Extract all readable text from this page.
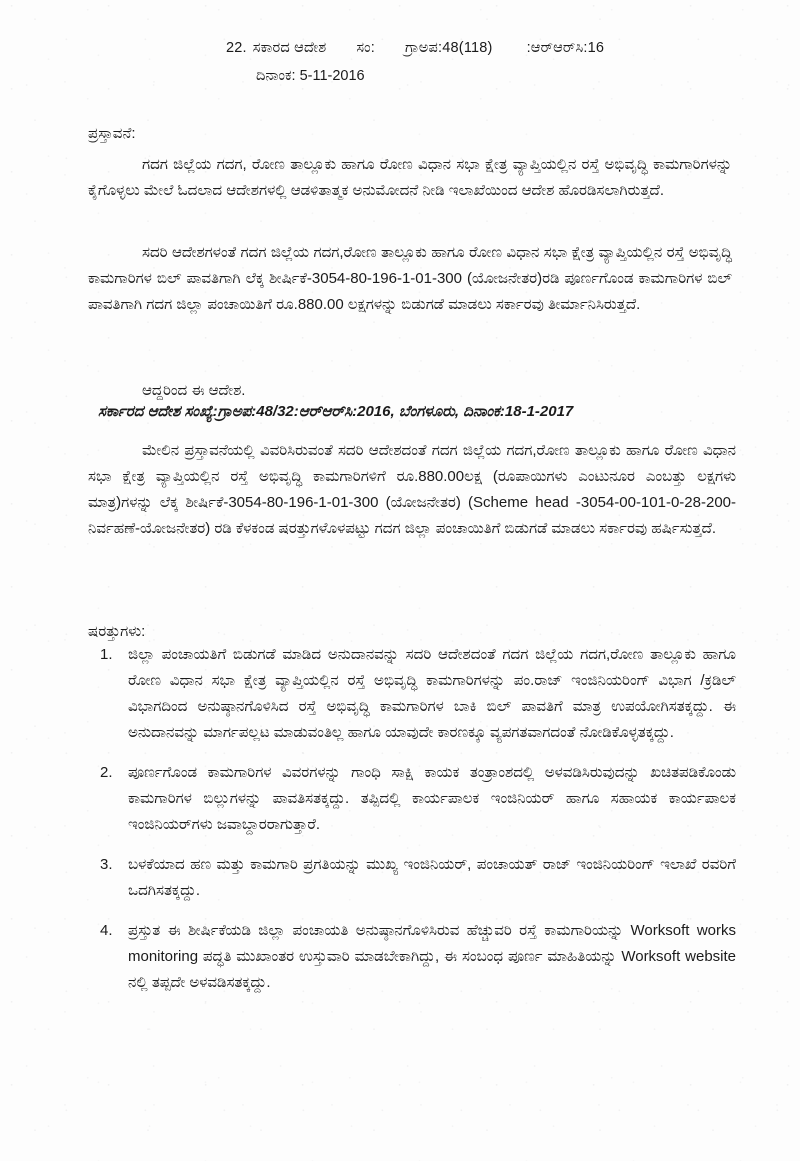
22. ಸಕಾರದ ಆದೇಶ ಸಂ: ಗ್ರಾಅಪ:48(118) :ಆರ್‌ಆರ್‌ಸಿ:16
ದಿನಾಂಕ: 5-11-2016
ಪ್ರಸ್ತಾವನೆ:
ಗದಗ ಜಿಲ್ಲೆಯ ಗದಗ, ರೋಣ ತಾಲ್ಲೂಕು ಹಾಗೂ ರೋಣ ವಿಧಾನ ಸಭಾ ಕ್ಷೇತ್ರ ವ್ಯಾಪ್ತಿಯಲ್ಲಿನ ರಸ್ತೆ ಅಭಿವೃದ್ಧಿ ಕಾಮಗಾರಿಗಳನ್ನು ಕೈಗೊಳ್ಳಲು ಮೇಲೆ ಓದಲಾದ ಆದೇಶಗಳಲ್ಲಿ ಆಡಳಿತಾತ್ಮಕ ಅನುಮೋದನೆ ನೀಡಿ ಇಲಾಖೆಯಿಂದ ಆದೇಶ ಹೊರಡಿಸಲಾಗಿರುತ್ತದೆ.
ಸದರಿ ಆದೇಶಗಳಂತೆ ಗದಗ ಜಿಲ್ಲೆಯ ಗದಗ,ರೋಣ ತಾಲ್ಲೂಕು ಹಾಗೂ ರೋಣ ವಿಧಾನ ಸಭಾ ಕ್ಷೇತ್ರ ವ್ಯಾಪ್ತಿಯಲ್ಲಿನ ರಸ್ತೆ ಅಭಿವೃದ್ಧಿ ಕಾಮಗಾರಿಗಳ ಬಿಲ್ ಪಾವತಿಗಾಗಿ ಲೆಕ್ಕ ಶೀರ್ಷಿಕೆ-3054-80-196-1-01-300 (ಯೋಜನೇತರ)ರಡಿ ಪೂರ್ಣಗೊಂಡ ಕಾಮಗಾರಿಗಳ ಬಿಲ್ ಪಾವತಿಗಾಗಿ ಗದಗ ಜಿಲ್ಲಾ ಪಂಚಾಯಿತಿಗೆ ರೂ.880.00 ಲಕ್ಷಗಳನ್ನು ಬಿಡುಗಡೆ ಮಾಡಲು ಸರ್ಕಾರವು ತೀರ್ಮಾನಿಸಿರುತ್ತದೆ.
ಆದ್ದರಿಂದ ಈ ಆದೇಶ.
ಸರ್ಕಾರದ ಆದೇಶ ಸಂಖ್ಯೆ:ಗ್ರಾಅಪ:48/32:ಆರ್‌ಆರ್‌ಸಿ:2016, ಬೆಂಗಳೂರು, ದಿನಾಂಕ:18-1-2017
ಮೇಲಿನ ಪ್ರಸ್ತಾವನೆಯಲ್ಲಿ ವಿವರಿಸಿರುವಂತೆ ಸದರಿ ಆದೇಶದಂತೆ ಗದಗ ಜಿಲ್ಲೆಯ ಗದಗ,ರೋಣ ತಾಲ್ಲೂಕು ಹಾಗೂ ರೋಣ ವಿಧಾನ ಸಭಾ ಕ್ಷೇತ್ರ ವ್ಯಾಪ್ತಿಯಲ್ಲಿನ ರಸ್ತೆ ಅಭಿವೃದ್ಧಿ ಕಾಮಗಾರಿಗಳಿಗೆ ರೂ.880.00ಲಕ್ಷ (ರೂಪಾಯಿಗಳು ಎಂಟುನೂರ ಎಂಬತ್ತು ಲಕ್ಷಗಳು ಮಾತ್ರ)ಗಳನ್ನು ಲೆಕ್ಕ ಶೀರ್ಷಿಕೆ-3054-80-196-1-01-300 (ಯೋಜನೇತರ) (Scheme head -3054-00-101-0-28-200-ನಿರ್ವಹಣೆ-ಯೋಜನೇತರ) ರಡಿ ಕೆಳಕಂಡ ಷರತ್ತುಗಳೊಳಪಟ್ಟು ಗದಗ ಜಿಲ್ಲಾ ಪಂಚಾಯಿತಿಗೆ ಬಿಡುಗಡೆ ಮಾಡಲು ಸರ್ಕಾರವು ಹರ್ಷಿಸುತ್ತದೆ.
ಷರತ್ತುಗಳು:
1. ಜಿಲ್ಲಾ ಪಂಚಾಯತಿಗೆ ಬಿಡುಗಡೆ ಮಾಡಿದ ಅನುದಾನವನ್ನು ಸದರಿ ಆದೇಶದಂತೆ ಗದಗ ಜಿಲ್ಲೆಯ ಗದಗ,ರೋಣ ತಾಲ್ಲೂಕು ಹಾಗೂ ರೋಣ ವಿಧಾನ ಸಭಾ ಕ್ಷೇತ್ರ ವ್ಯಾಪ್ತಿಯಲ್ಲಿನ ರಸ್ತೆ ಅಭಿವೃದ್ಧಿ ಕಾಮಗಾರಿಗಳನ್ನು ಪಂ.ರಾಜ್ ಇಂಜಿನಿಯರಿಂಗ್ ವಿಭಾಗ /ಕ್ರಡಿಲ್ ವಿಭಾಗದಿಂದ ಅನುಷ್ಠಾನಗೊಳಿಸಿದ ರಸ್ತೆ ಅಭಿವೃದ್ಧಿ ಕಾಮಗಾರಿಗಳ ಬಾಕಿ ಬಿಲ್ ಪಾವತಿಗೆ ಮಾತ್ರ ಉಪಯೋಗಿಸತಕ್ಕದ್ದು. ಈ ಅನುದಾನವನ್ನು ಮಾರ್ಗಪಲ್ಲಟ ಮಾಡುವಂತಿಲ್ಲ ಹಾಗೂ ಯಾವುದೇ ಕಾರಣಕ್ಕೂ ವ್ಯಪಗತವಾಗದಂತೆ ನೋಡಿಕೊಳ್ಳತಕ್ಕದ್ದು.
2. ಪೂರ್ಣಗೊಂಡ ಕಾಮಗಾರಿಗಳ ವಿವರಗಳನ್ನು ಗಾಂಧಿ ಸಾಕ್ಷಿ ಕಾಯಕ ತಂತ್ರಾಂಶದಲ್ಲಿ ಅಳವಡಿಸಿರುವುದನ್ನು ಖಚಿತಪಡಿಕೊಂಡು ಕಾಮಗಾರಿಗಳ ಬಿಲ್ಲುಗಳನ್ನು ಪಾವತಿಸತಕ್ಕದ್ದು. ತಪ್ಪಿದಲ್ಲಿ ಕಾರ್ಯಪಾಲಕ ಇಂಜಿನಿಯರ್ ಹಾಗೂ ಸಹಾಯಕ ಕಾರ್ಯಪಾಲಕ ಇಂಜಿನಿಯರ್‌ಗಳು ಜವಾಬ್ದಾರರಾಗುತ್ತಾರೆ.
3. ಬಳಕೆಯಾದ ಹಣ ಮತ್ತು ಕಾಮಗಾರಿ ಪ್ರಗತಿಯನ್ನು ಮುಖ್ಯ ಇಂಜಿನಿಯರ್, ಪಂಚಾಯತ್ ರಾಜ್ ಇಂಜಿನಿಯರಿಂಗ್ ಇಲಾಖೆ ರವರಿಗೆ ಒದಗಿಸತಕ್ಕದ್ದು.
4. ಪ್ರಸ್ತುತ ಈ ಶೀರ್ಷಿಕೆಯಡಿ ಜಿಲ್ಲಾ ಪಂಚಾಯತಿ ಅನುಷ್ಠಾನಗೊಳಿಸಿರುವ ಹೆಚ್ಚುವರಿ ರಸ್ತೆ ಕಾಮಗಾರಿಯನ್ನು Worksoft works monitoring ಪದ್ಧತಿ ಮುಖಾಂತರ ಉಸ್ತುವಾರಿ ಮಾಡಬೇಕಾಗಿದ್ದು, ಈ ಸಂಬಂಧ ಪೂರ್ಣ ಮಾಹಿತಿಯನ್ನು Worksoft website ನಲ್ಲಿ ತಪ್ಪದೇ ಅಳವಡಿಸತಕ್ಕದ್ದು.
